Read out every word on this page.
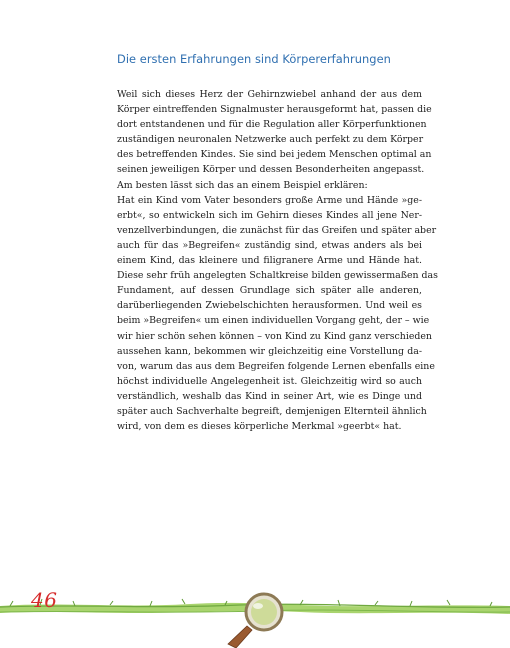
Die ersten Erfahrungen sind Körpererfahrungen
Weil sich dieses Herz der Gehirnzwiebel anhand der aus dem
Körper eintreffenden Signalmuster herausgeformt hat, passen die
dort entstandenen und für die Regulation aller Körperfunktionen
zuständigen neuronalen Netzwerke auch perfekt zu dem Körper
des betreffenden Kindes. Sie sind bei jedem Menschen optimal an
seinen jeweiligen Körper und dessen Besonderheiten angepasst.
Am besten lässt sich das an einem Beispiel erklären:
Hat ein Kind vom Vater besonders große Arme und Hände »ge-
erbt«, so entwickeln sich im Gehirn dieses Kindes all jene Ner-
venzellverbindungen, die zunächst für das Greifen und später aber
auch für das »Begreifen« zuständig sind, etwas anders als bei
einem Kind, das kleinere und filigranere Arme und Hände hat.
Diese sehr früh angelegten Schaltkreise bilden gewissermaßen das
Fundament, auf dessen Grundlage sich später alle anderen,
darüberliegenden Zwiebelschichten herausformen. Und weil es
beim »Begreifen« um einen individuellen Vorgang geht, der – wie
wir hier schön sehen können – von Kind zu Kind ganz verschieden
aussehen kann, bekommen wir gleichzeitig eine Vorstellung da-
von, warum das aus dem Begreifen folgende Lernen ebenfalls eine
höchst individuelle Angelegenheit ist. Gleichzeitig wird so auch
verständlich, weshalb das Kind in seiner Art, wie es Dinge und
später auch Sachverhalte begreift, demjenigen Elternteil ähnlich
wird, von dem es dieses körperliche Merkmal »geerbt« hat.
46
